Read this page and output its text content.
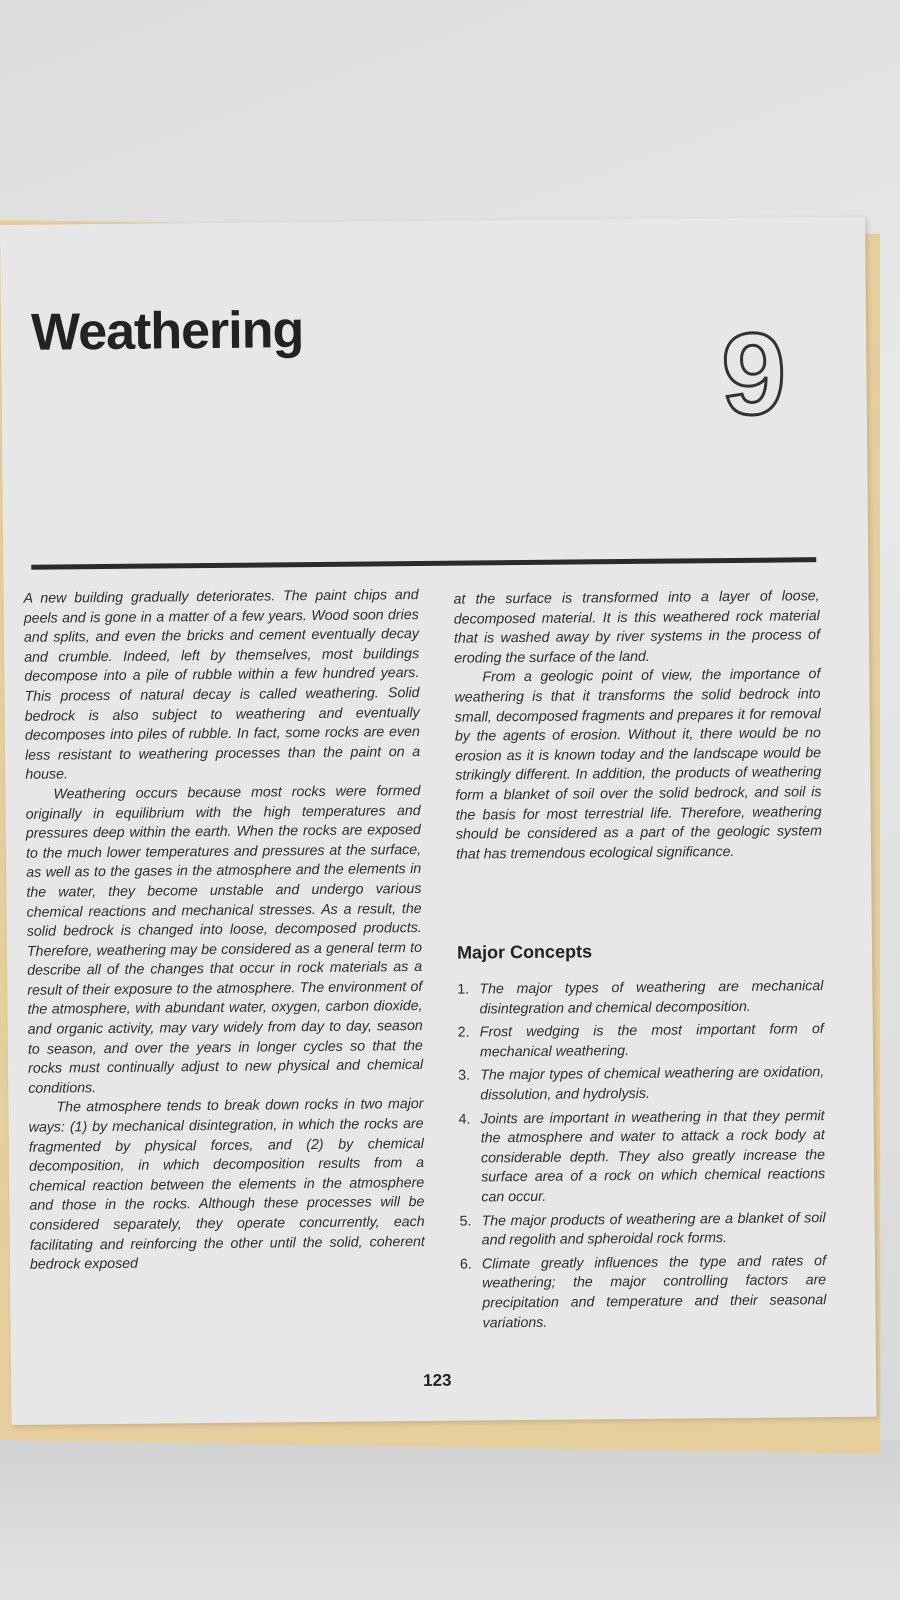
Weathering	9

A new building gradually deteriorates. The paint chips and peels and is gone in a matter of a few years. Wood soon dries and splits, and even the bricks and cement eventually decay and crumble. Indeed, left by themselves, most buildings decompose into a pile of rubble within a few hundred years. This process of natural decay is called weathering. Solid bedrock is also subject to weathering and eventually decomposes into piles of rubble. In fact, some rocks are even less resistant to weathering processes than the paint on a house.

Weathering occurs because most rocks were formed originally in equilibrium with the high temperatures and pressures deep within the earth. When the rocks are exposed to the much lower temperatures and pressures at the surface, as well as to the gases in the atmosphere and the elements in the water, they become unstable and undergo various chemical reactions and mechanical stresses. As a result, the solid bedrock is changed into loose, decomposed products. Therefore, weathering may be considered as a general term to describe all of the changes that occur in rock materials as a result of their exposure to the atmosphere. The environment of the atmosphere, with abundant water, oxygen, carbon dioxide, and organic activity, may vary widely from day to day, season to season, and over the years in longer cycles so that the rocks must continually adjust to new physical and chemical conditions.

The atmosphere tends to break down rocks in two major ways: (1) by mechanical disintegration, in which the rocks are fragmented by physical forces, and (2) by chemical decomposition, in which decomposition results from a chemical reaction between the elements in the atmosphere and those in the rocks. Although these processes will be considered separately, they operate concurrently, each facilitating and reinforcing the other until the solid, coherent bedrock exposed

at the surface is transformed into a layer of loose, decomposed material. It is this weathered rock material that is washed away by river systems in the process of eroding the surface of the land.

From a geologic point of view, the importance of weathering is that it transforms the solid bedrock into small, decomposed fragments and prepares it for removal by the agents of erosion. Without it, there would be no erosion as it is known today and the landscape would be strikingly different. In addition, the products of weathering form a blanket of soil over the solid bedrock, and soil is the basis for most terrestrial life. Therefore, weathering should be considered as a part of the geologic system that has tremendous ecological significance.

Major Concepts
1. The major types of weathering are mechanical disintegration and chemical decomposition.
2. Frost wedging is the most important form of mechanical weathering.
3. The major types of chemical weathering are oxidation, dissolution, and hydrolysis.
4. Joints are important in weathering in that they permit the atmosphere and water to attack a rock body at considerable depth. They also greatly increase the surface area of a rock on which chemical reactions can occur.
5. The major products of weathering are a blanket of soil and regolith and spheroidal rock forms.
6. Climate greatly influences the type and rates of weathering; the major controlling factors are precipitation and temperature and their seasonal variations.
123
